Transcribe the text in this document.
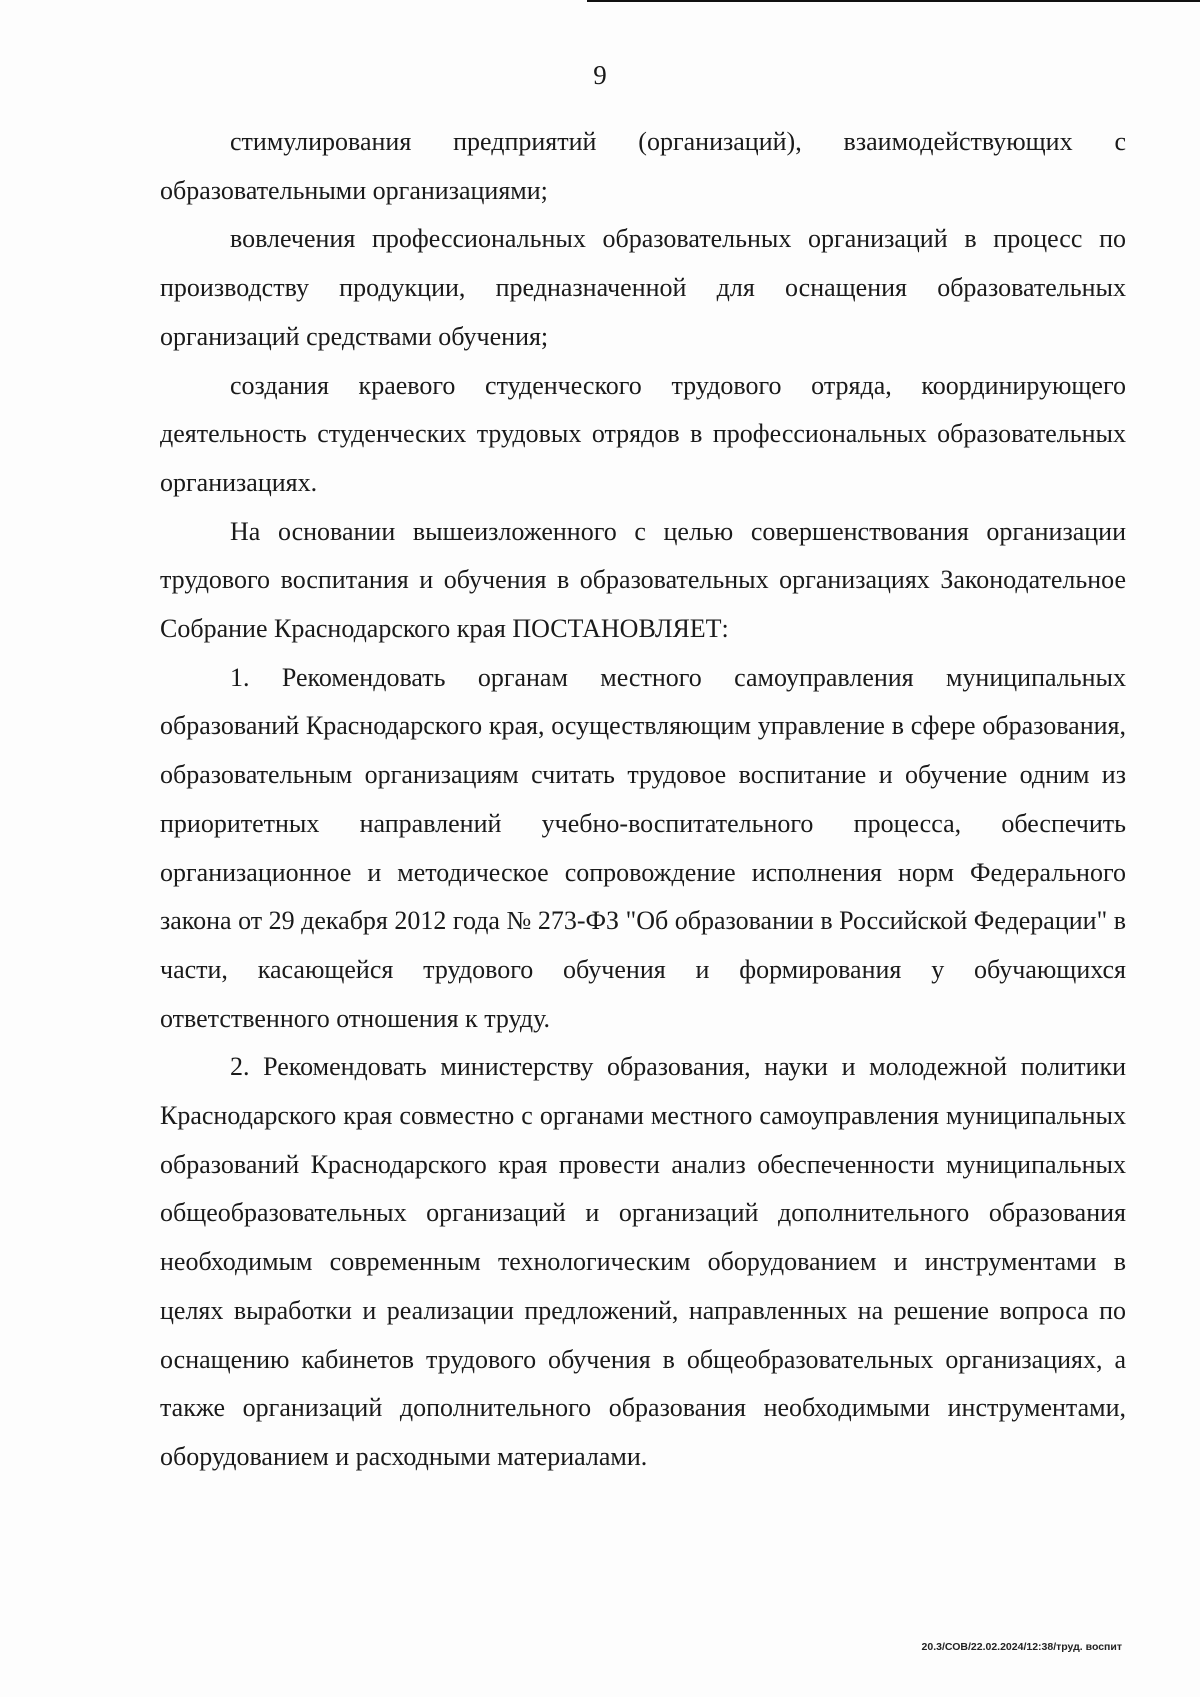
9

стимулирования предприятий (организаций), взаимодействующих с образовательными организациями;

вовлечения профессиональных образовательных организаций в процесс по производству продукции, предназначенной для оснащения образовательных организаций средствами обучения;

создания краевого студенческого трудового отряда, координирующего деятельность студенческих трудовых отрядов в профессиональных образовательных организациях.

На основании вышеизложенного с целью совершенствования организации трудового воспитания и обучения в образовательных организациях Законодательное Собрание Краснодарского края ПОСТАНОВЛЯЕТ:

1. Рекомендовать органам местного самоуправления муниципальных образований Краснодарского края, осуществляющим управление в сфере образования, образовательным организациям считать трудовое воспитание и обучение одним из приоритетных направлений учебно-воспитательного процесса, обеспечить организационное и методическое сопровождение исполнения норм Федерального закона от 29 декабря 2012 года № 273-ФЗ "Об образовании в Российской Федерации" в части, касающейся трудового обучения и формирования у обучающихся ответственного отношения к труду.

2. Рекомендовать министерству образования, науки и молодежной политики Краснодарского края совместно с органами местного самоуправления муниципальных образований Краснодарского края провести анализ обеспеченности муниципальных общеобразовательных организаций и организаций дополнительного образования необходимым современным технологическим оборудованием и инструментами в целях выработки и реализации предложений, направленных на решение вопроса по оснащению кабинетов трудового обучения в общеобразовательных организациях, а также организаций дополнительного образования необходимыми инструментами, оборудованием и расходными материалами.

20.3/СОВ/22.02.2024/12:38/труд. воспит
